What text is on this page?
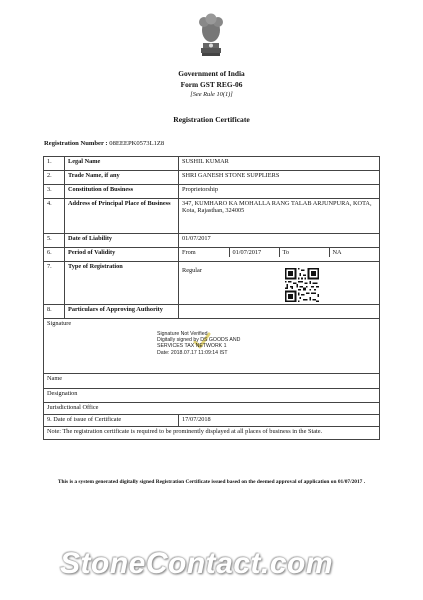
Government of India
Form GST REG-06
[See Rule 10(1)]
Registration Certificate
Registration Number : 08EEEPK0573L1Z8
1.	Legal Name	SUSHIL KUMAR
2.	Trade Name, if any	SHRI GANESH STONE SUPPLIERS
3.	Constitution of Business	Proprietorship
4.	Address of Principal Place of Business	347, KUMHARO KA MOHALLA RANG TALAB ARJUNPURA, KOTA, Kota, Rajasthan, 324005
5.	Date of Liability	01/07/2017
6.	Period of Validity		From	01/07/2017	To	NA

7.	Type of Registration	Regular
8.	Particulars of Approving Authority	
Signature
Name
Designation
Jurisdictional Office
9. Date of issue of Certificate	17/07/2018
Note: The registration certificate is required to be prominently displayed at all places of business in the State.
Signature Not Verified
Digitally signed by DS GOODS AND SERVICES TAX NETWORK 1
Date: 2018.07.17 11:09:14 IST
This is a system generated digitally signed Registration Certificate issued based on the deemed approval of application on 01/07/2017 .
StoneContact.com
